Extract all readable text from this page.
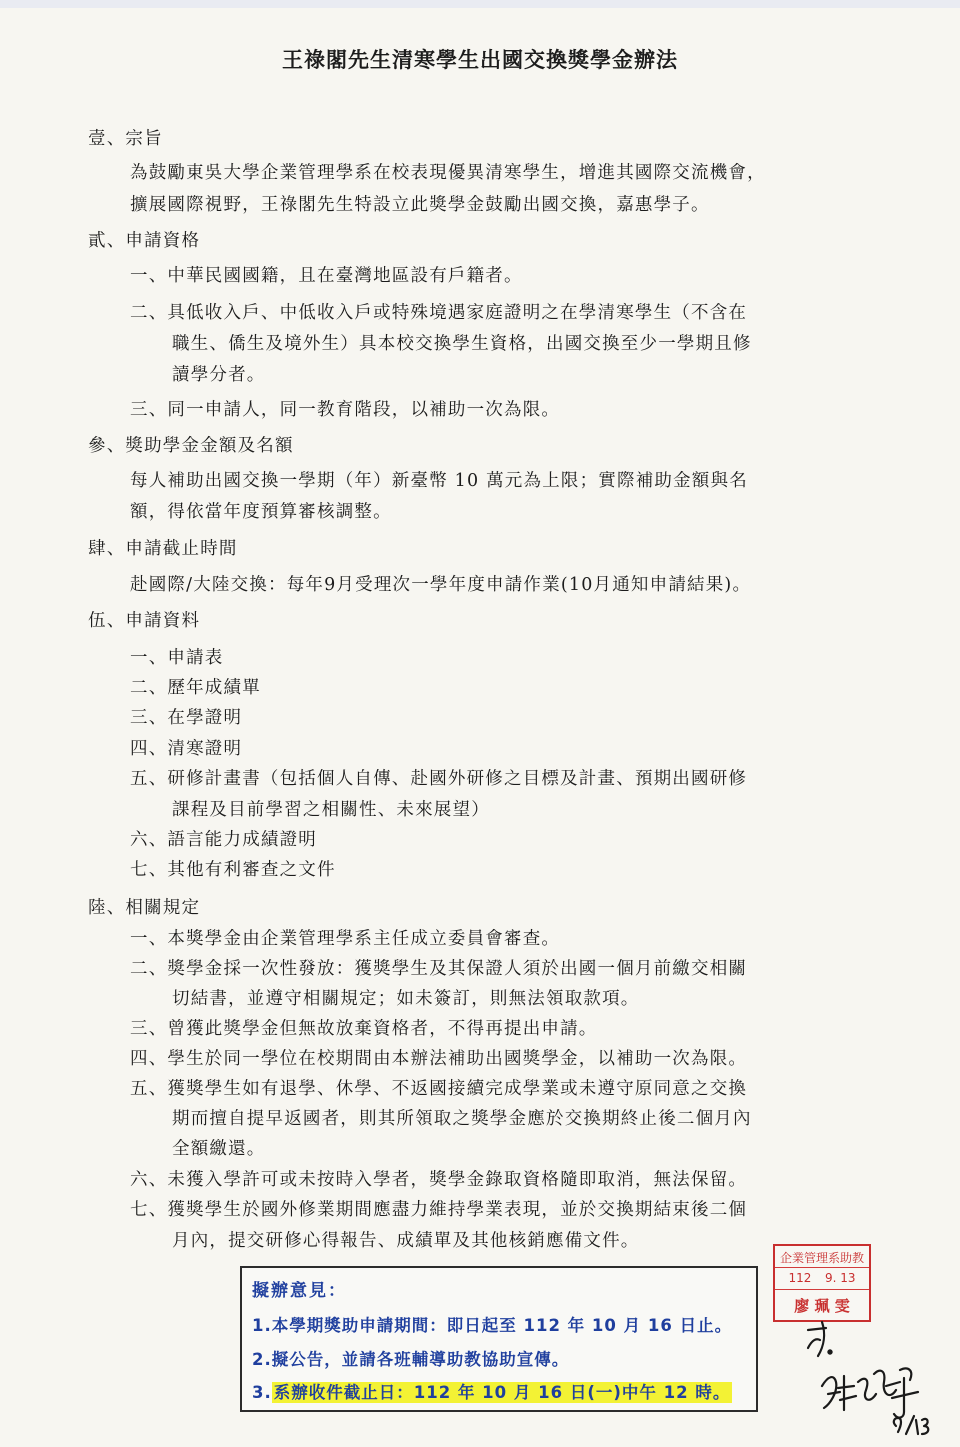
王祿閣先生清寒學生出國交換獎學金辦法
壹、宗旨
為鼓勵東吳大學企業管理學系在校表現優異清寒學生，增進其國際交流機會，
擴展國際視野，王祿閣先生特設立此獎學金鼓勵出國交換，嘉惠學子。
貳、申請資格
一、中華民國國籍，且在臺灣地區設有戶籍者。
二、具低收入戶、中低收入戶或特殊境遇家庭證明之在學清寒學生（不含在
職生、僑生及境外生）具本校交換學生資格，出國交換至少一學期且修
讀學分者。
三、同一申請人，同一教育階段，以補助一次為限。
參、獎助學金金額及名額
每人補助出國交換一學期（年）新臺幣 10 萬元為上限；實際補助金額與名
額，得依當年度預算審核調整。
肆、申請截止時間
赴國際/大陸交換：每年9月受理次一學年度申請作業(10月通知申請結果)。
伍、申請資料
一、申請表
二、歷年成績單
三、在學證明
四、清寒證明
五、研修計畫書（包括個人自傳、赴國外研修之目標及計畫、預期出國研修
課程及目前學習之相關性、未來展望）
六、語言能力成績證明
七、其他有利審查之文件
陸、相關規定
一、本獎學金由企業管理學系主任成立委員會審查。
二、獎學金採一次性發放：獲獎學生及其保證人須於出國一個月前繳交相關
切結書，並遵守相關規定；如未簽訂，則無法領取款項。
三、曾獲此獎學金但無故放棄資格者，不得再提出申請。
四、學生於同一學位在校期間由本辦法補助出國獎學金，以補助一次為限。
五、獲獎學生如有退學、休學、不返國接續完成學業或未遵守原同意之交換
期而擅自提早返國者，則其所領取之獎學金應於交換期終止後二個月內
全額繳還。
六、未獲入學許可或未按時入學者，獎學金錄取資格隨即取消，無法保留。
七、獲獎學生於國外修業期間應盡力維持學業表現，並於交換期結束後二個
月內，提交研修心得報告、成績單及其他核銷應備文件。
企業管理系助教
112 9. 13
廖 珮 雯
擬辦意見：
1.本學期獎助申請期間：即日起至 112 年 10 月 16 日止。
2.擬公告，並請各班輔導助教協助宣傳。
3. 系辦收件截止日：112 年 10 月 16 日(一)中午 12 時。
